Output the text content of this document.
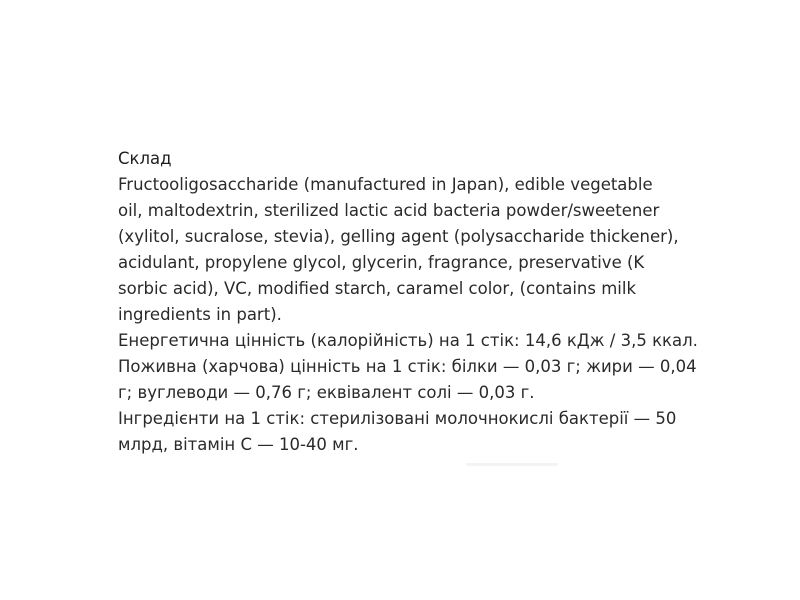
Склад

Fructooligosaccharide (manufactured in Japan), edible vegetable

oil, maltodextrin, sterilized lactic acid bacteria powder/sweetener

(xylitol, sucralose, stevia), gelling agent (polysaccharide thickener),

acidulant, propylene glycol, glycerin, fragrance, preservative (K

sorbic acid), VC, modified starch, caramel color, (contains milk

ingredients in part).

Енергетична цінність (калорійність) на 1 стік: 14,6 кДж / 3,5 ккал.

Поживна (харчова) цінність на 1 стік: білки — 0,03 г; жири — 0,04

г; вуглеводи — 0,76 г; еквівалент солі — 0,03 г.

Інгредієнти на 1 стік: стерилізовані молочнокислі бактерії — 50

млрд, вітамін С — 10-40 мг.
